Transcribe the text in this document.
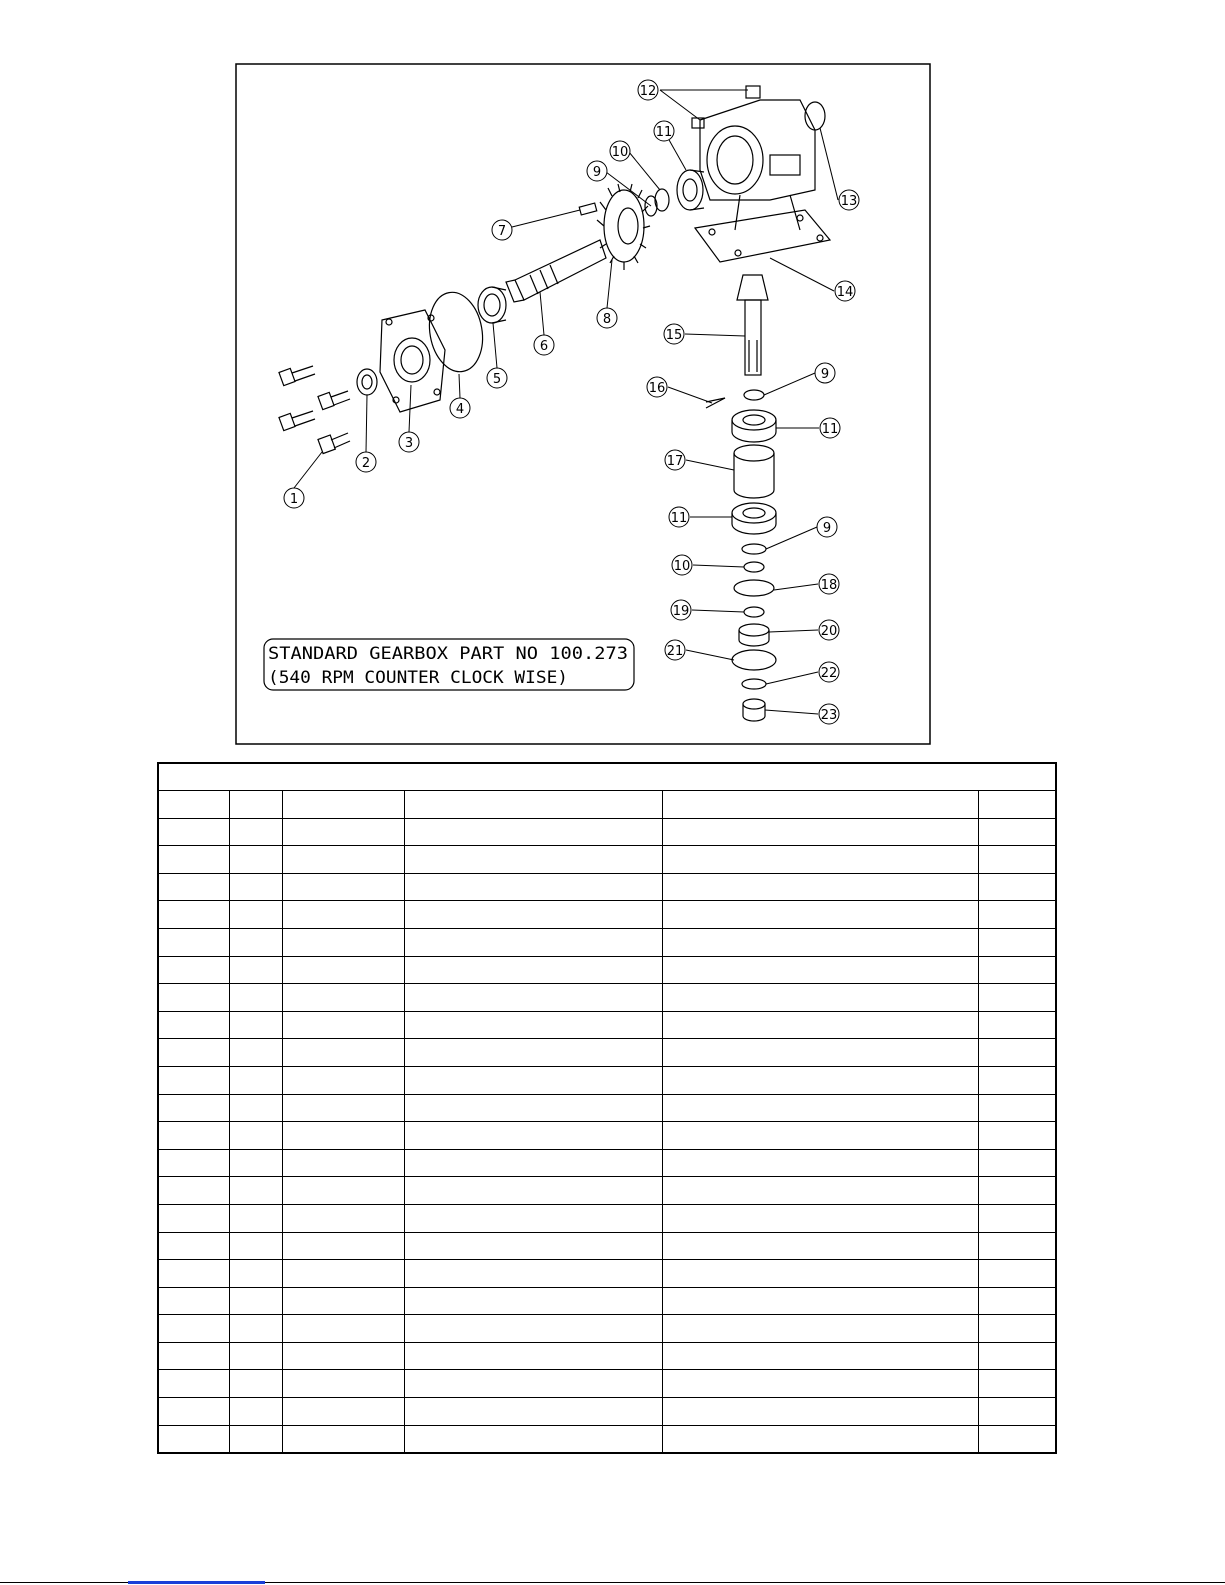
1
2
3
4
5
6
7
8
9
10
11
12
13
14
15
16
9
11
17
11
9
10
18
19
20
21
22
23
STANDARD GEARBOX PART NO 100.273
(540 RPM COUNTER CLOCK WISE)
